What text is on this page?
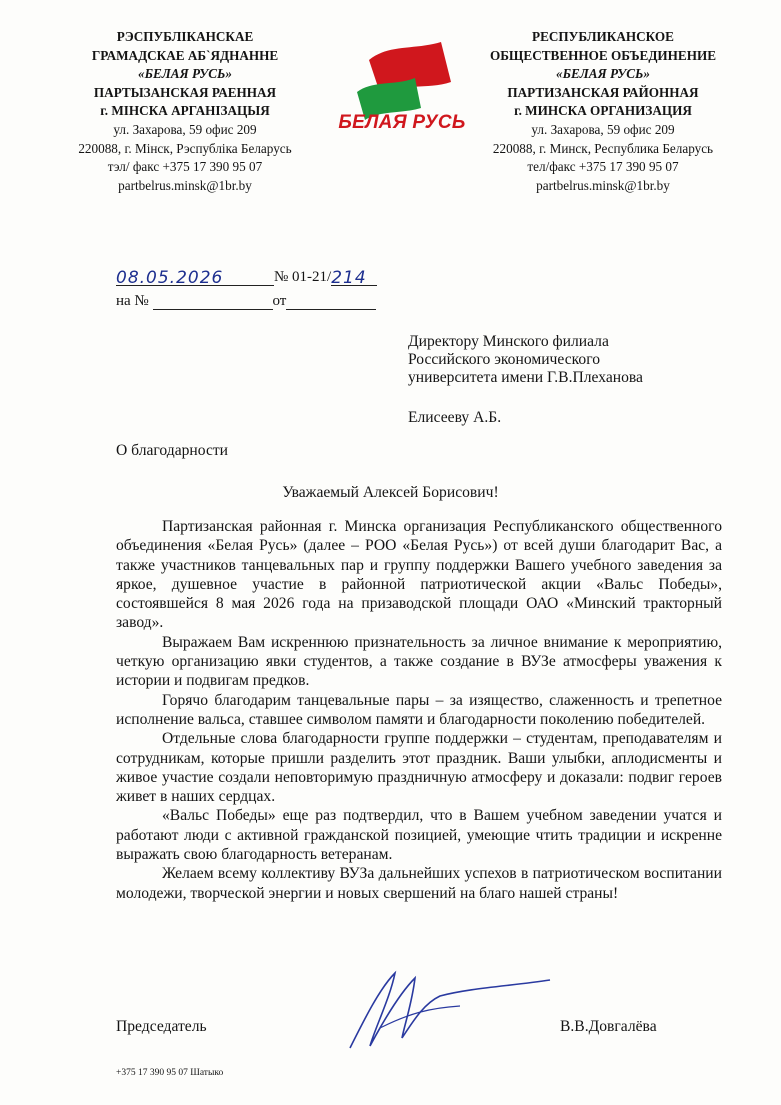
РЭСПУБЛІКАНСКАЕ
ГРАМАДСКАЕ АБ`ЯДНАННЕ
«БЕЛАЯ РУСЬ»
ПАРТЫЗАНСКАЯ РАЕННАЯ
г. МІНСКА АРГАНІЗАЦЫЯ
ул. Захарова, 59 офис 209
220088, г. Мінск, Рэспубліка Беларусь
тэл/ факс +375 17 390 95 07
partbelrus.minsk@1br.by
БЕЛАЯ РУСЬ
РЕСПУБЛИКАНСКОЕ
ОБЩЕСТВЕННОЕ ОБЪЕДИНЕНИЕ
«БЕЛАЯ РУСЬ»
ПАРТИЗАНСКАЯ РАЙОННАЯ
г. МИНСКА ОРГАНИЗАЦИЯ
ул. Захарова, 59 офис 209
220088, г. Минск, Республика Беларусь
тел/факс +375 17 390 95 07
partbelrus.minsk@1br.by
08.05.2026	№ 01-21/214
на №	от
Директору Минского филиала
Российского экономического
университета имени Г.В.Плеханова
Елисееву А.Б.
О благодарности
Уважаемый Алексей Борисович!

Партизанская районная г. Минска организация Республиканского общественного объединения «Белая Русь» (далее – РОО «Белая Русь») от всей души благодарит Вас, а также участников танцевальных пар и группу поддержки Вашего учебного заведения за яркое, душевное участие в районной патриотической акции «Вальс Победы», состоявшейся 8 мая 2026 года на призаводской площади ОАО «Минский тракторный завод».

Выражаем Вам искреннюю признательность за личное внимание к мероприятию, четкую организацию явки студентов, а также создание в ВУЗе атмосферы уважения к истории и подвигам предков.

Горячо благодарим танцевальные пары – за изящество, слаженность и трепетное исполнение вальса, ставшее символом памяти и благодарности поколению победителей.

Отдельные слова благодарности группе поддержки – студентам, преподавателям и сотрудникам, которые пришли разделить этот праздник. Ваши улыбки, аплодисменты и живое участие создали неповторимую праздничную атмосферу и доказали: подвиг героев живет в наших сердцах.

«Вальс Победы» еще раз подтвердил, что в Вашем учебном заведении учатся и работают люди с активной гражданской позицией, умеющие чтить традиции и искренне выражать свою благодарность ветеранам.

Желаем всему коллективу ВУЗа дальнейших успехов в патриотическом воспитании молодежи, творческой энергии и новых свершений на благо нашей страны!

Председатель	В.В.Довгалёва
+375 17 390 95 07 Шатыко
